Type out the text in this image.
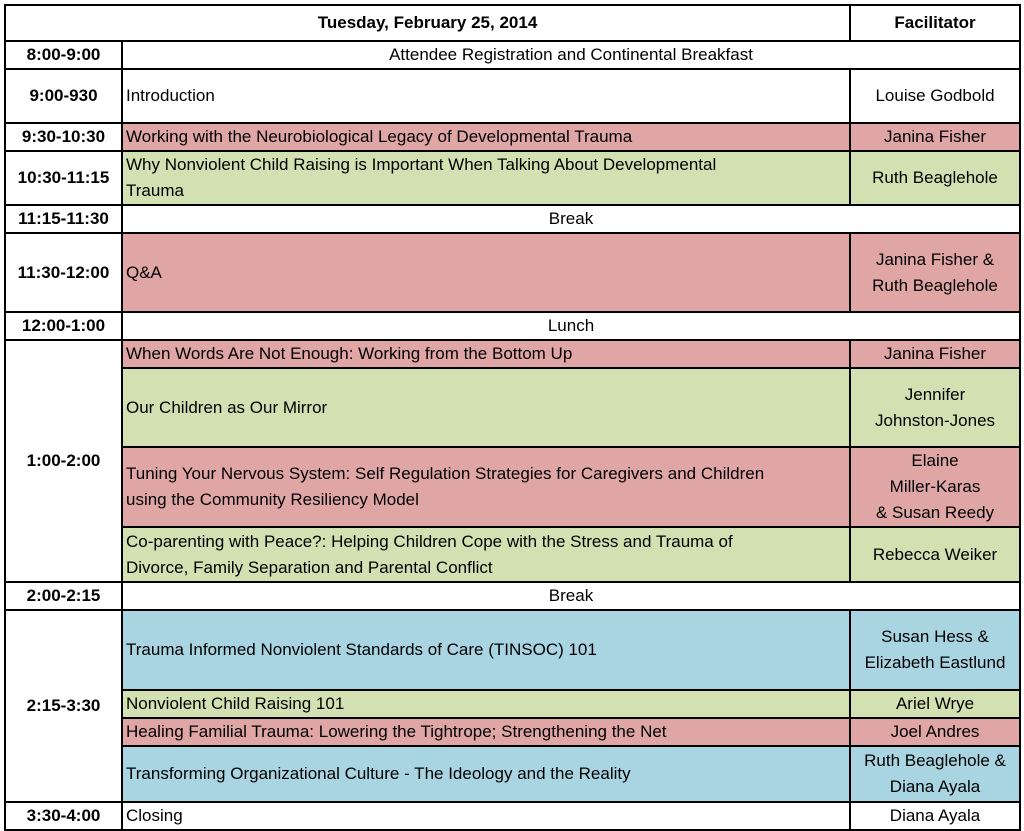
Tuesday, February 25, 2014		Facilitator
8:00-9:00	Attendee Registration and Continental Breakfast	
9:00-930	Introduction	Louise Godbold
9:30-10:30	Working with the Neurobiological Legacy of Developmental Trauma	Janina Fisher
10:30-11:15	Why Nonviolent Child Raising is Important When Talking About Developmental
Trauma	Ruth Beaglehole
11:15-11:30	Break	
11:30-12:00	Q&A	Janina Fisher &
Ruth Beaglehole
12:00-1:00	Lunch	
1:00-2:00	When Words Are Not Enough: Working from the Bottom Up	Janina Fisher
	Our Children as Our Mirror	Jennifer
Johnston-Jones
	Tuning Your Nervous System: Self Regulation Strategies for Caregivers and Children
using the Community Resiliency Model	Elaine
Miller-Karas
& Susan Reedy
	Co-parenting with Peace?: Helping Children Cope with the Stress and Trauma of
Divorce, Family Separation and Parental Conflict	Rebecca Weiker
2:00-2:15	Break	
2:15-3:30	Trauma Informed Nonviolent Standards of Care (TINSOC) 101	Susan Hess &
Elizabeth Eastlund
	Nonviolent Child Raising 101	Ariel Wrye
	Healing Familial Trauma: Lowering the Tightrope; Strengthening the Net	Joel Andres
	Transforming Organizational Culture - The Ideology and the Reality	Ruth Beaglehole &
Diana Ayala
3:30-4:00	Closing	Diana Ayala
